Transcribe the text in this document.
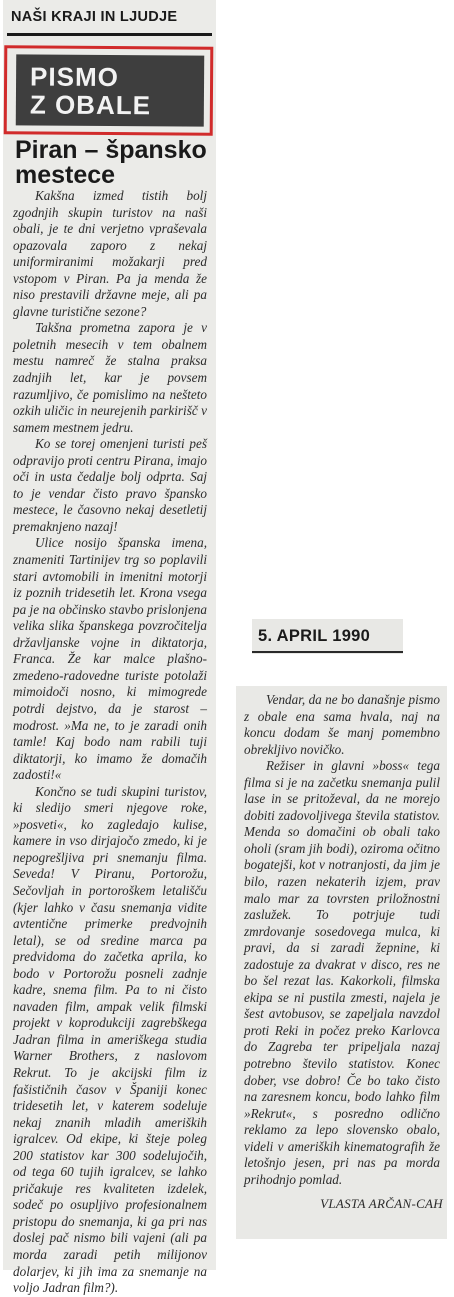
NAŠI KRAJI IN LJUDJE
PISMO
Z OBALE
Piran – špansko
mestece

Kakšna izmed tistih bolj zgodnjih skupin turistov na naši obali, je te dni verjetno vpraševala opazovala zaporo z nekaj uniformiranimi možakarji pred vstopom v Piran. Pa ja menda že niso prestavili državne meje, ali pa glavne turistične sezone?

Takšna prometna zapora je v poletnih mesecih v tem obalnem mestu namreč že stalna praksa zadnjih let, kar je povsem razumljivo, če pomislimo na nešteto ozkih uličic in neurejenih parkirišč v samem mestnem jedru.

Ko se torej omenjeni turisti peš odpravijo proti centru Pirana, imajo oči in usta čedalje bolj odprta. Saj to je vendar čisto pravo špansko mestece, le časovno nekaj desetletij premaknjeno nazaj!

Ulice nosijo španska imena, znameniti Tartinijev trg so poplavili stari avtomobili in imenitni motorji iz poznih tridesetih let. Krona vsega pa je na občinsko stavbo prislonjena velika slika španskega povzročitelja državljanske vojne in diktatorja, Franca. Že kar malce plašno-zmedeno-radovedne turiste potolaži mimoidoči nosno, ki mimogrede potrdi dejstvo, da je starost – modrost. »Ma ne, to je zaradi onih tamle! Kaj bodo nam rabili tuji diktatorji, ko imamo že domačih zadosti!«

Končno se tudi skupini turistov, ki sledijo smeri njegove roke, »posveti«, ko zagledajo kulise, kamere in vso dirjajočo zmedo, ki je nepogrešljiva pri snemanju filma. Seveda! V Piranu, Portorožu, Sečovljah in portoroškem letališču (kjer lahko v času snemanja vidite avtentične primerke predvojnih letal), se od sredine marca pa predvidoma do začetka aprila, ko bodo v Portorožu posneli zadnje kadre, snema film. Pa to ni čisto navaden film, ampak velik filmski projekt v koprodukciji zagrebškega Jadran filma in ameriškega studia Warner Brothers, z naslovom Rekrut. To je akcijski film iz fašističnih časov v Španiji konec tridesetih let, v katerem sodeluje nekaj znanih mladih ameriških igralcev. Od ekipe, ki šteje poleg 200 statistov kar 300 sodelujočih, od tega 60 tujih igralcev, se lahko pričakuje res kvaliteten izdelek, sodeč po osupljivo profesionalnem pristopu do snemanja, ki ga pri nas doslej pač nismo bili vajeni (ali pa morda zaradi petih milijonov dolarjev, ki jih ima za snemanje na voljo Jadran film?).

5. APRIL 1990

Vendar, da ne bo današnje pismo z obale ena sama hvala, naj na koncu dodam še manj pomembno obrekljivo novičko.

Režiser in glavni »boss« tega filma si je na začetku snemanja pulil lase in se pritoževal, da ne morejo dobiti zadovoljivega števila statistov. Menda so domačini ob obali tako oholi (sram jih bodi), oziroma očitno bogatejši, kot v notranjosti, da jim je bilo, razen nekaterih izjem, prav malo mar za tovrsten priložnostni zaslužek. To potrjuje tudi zmrdovanje sosedovega mulca, ki pravi, da si zaradi žepnine, ki zadostuje za dvakrat v disco, res ne bo šel rezat las. Kakorkoli, filmska ekipa se ni pustila zmesti, najela je šest avtobusov, se zapeljala navzdol proti Reki in počez preko Karlovca do Zagreba ter pripeljala nazaj potrebno število statistov. Konec dober, vse dobro! Če bo tako čisto na zaresnem koncu, bodo lahko film »Rekrut«, s posredno odlično reklamo za lepo slovensko obalo, videli v ameriških kinematografih že letošnjo jesen, pri nas pa morda prihodnjo pomlad.

VLASTA ARČAN-CAH
